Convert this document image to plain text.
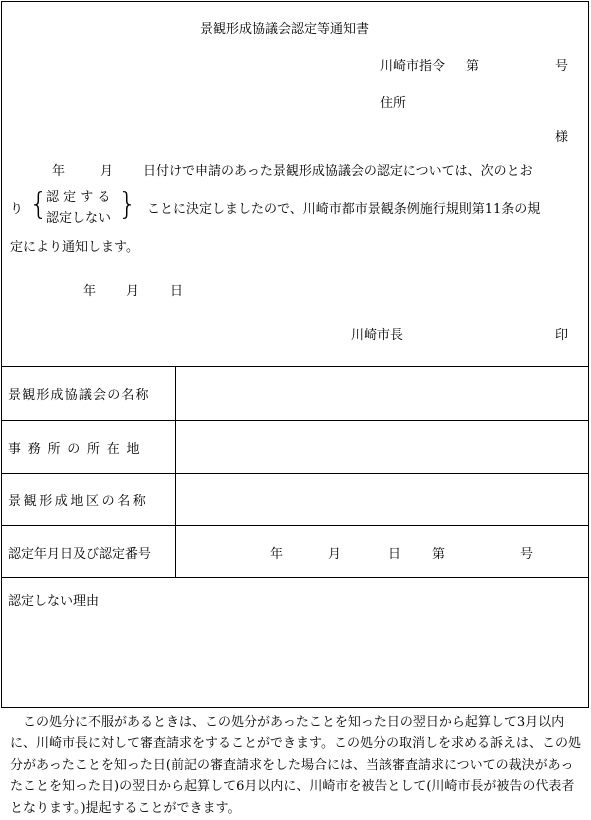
景観形成協議会認定等通知書
川崎市指令 第	号
住所
様
年	月 日付けで申請のあった景観形成協議会の認定については、次のとお
り {
認 定 す る
認定しない } ことに決定しましたので、川崎市都市景観条例施行規則第11条の規
定により通知します。
年 月 日
川崎市長	印
景観形成協議会の名称
事務所の所在地
景観形成地区の名称
認定年月日及び認定番号	年	月	日 第	号
認定しない理由
　この処分に不服があるときは、この処分があったことを知った日の翌日から起算して3月以内に、川崎市長に対して審査請求をすることができます。この処分の取消しを求める訴えは、この処分があったことを知った日(前記の審査請求をした場合には、当該審査請求についての裁決があったことを知った日)の翌日から起算して6月以内に、川崎市を被告として(川崎市長が被告の代表者となります。)提起することができます。
